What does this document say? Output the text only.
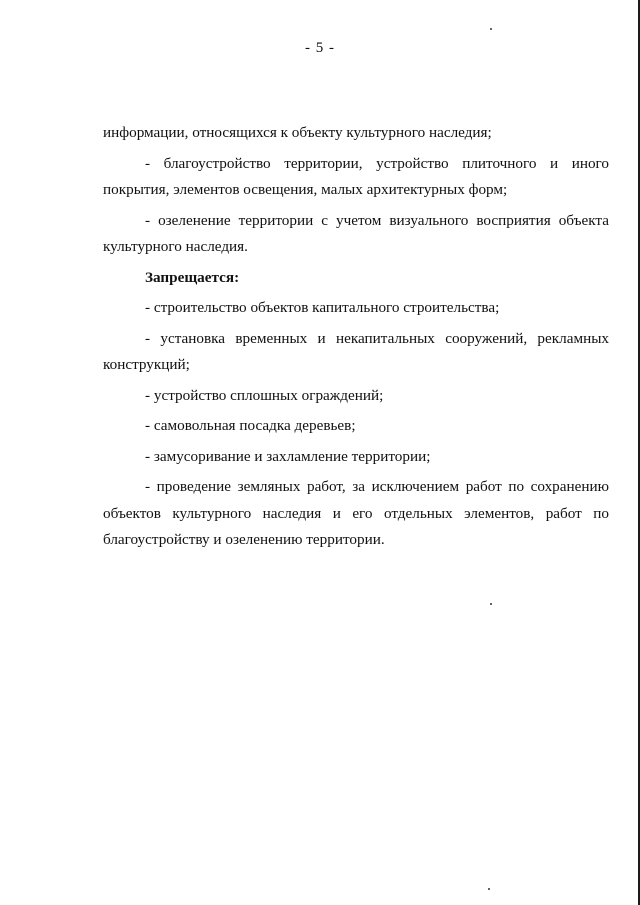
- 5 -

информации, относящихся к объекту культурного наследия;

- благоустройство территории, устройство плиточного и иного покрытия, элементов освещения, малых архитектурных форм;

- озеленение территории с учетом визуального восприятия объекта культурного наследия.

Запрещается:

- строительство объектов капитального строительства;

- установка временных и некапитальных сооружений, рекламных конструкций;

- устройство сплошных ограждений;

- самовольная посадка деревьев;

- замусоривание и захламление территории;

- проведение земляных работ, за исключением работ по сохранению объектов культурного наследия и его отдельных элементов, работ по благоустройству и озеленению территории.
